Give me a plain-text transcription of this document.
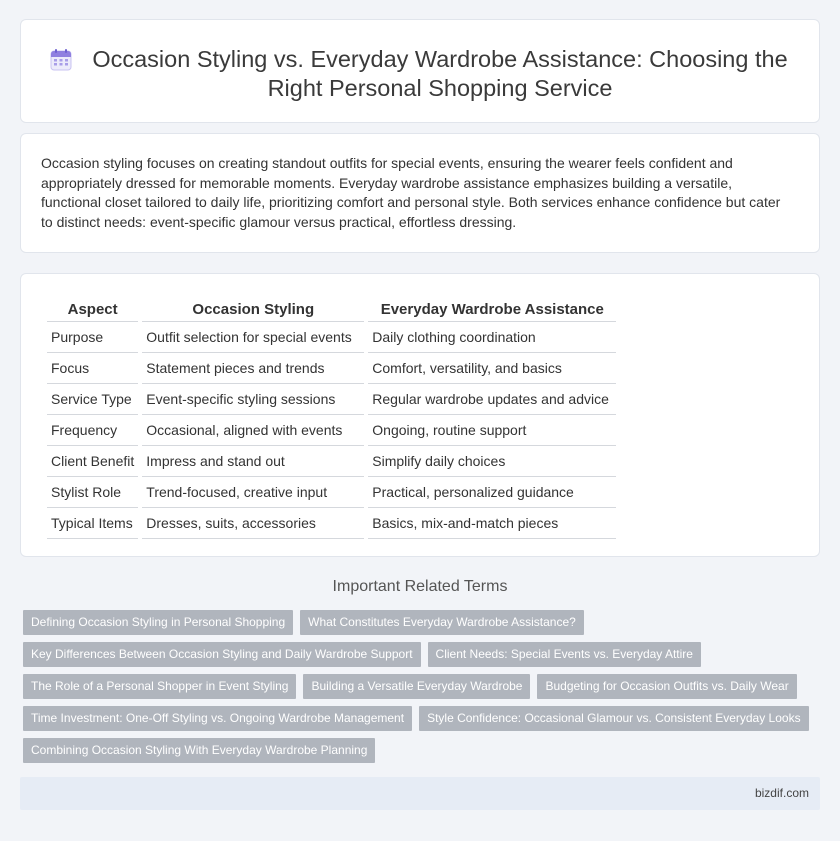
Occasion Styling vs. Everyday Wardrobe Assistance: Choosing the Right Personal Shopping Service

Occasion styling focuses on creating standout outfits for special events, ensuring the wearer feels confident and appropriately dressed for memorable moments. Everyday wardrobe assistance emphasizes building a versatile, functional closet tailored to daily life, prioritizing comfort and personal style. Both services enhance confidence but cater to distinct needs: event-specific glamour versus practical, effortless dressing.

Aspect	Occasion Styling	Everyday Wardrobe Assistance
Purpose	Outfit selection for special events	Daily clothing coordination
Focus	Statement pieces and trends	Comfort, versatility, and basics
Service Type	Event-specific styling sessions	Regular wardrobe updates and advice
Frequency	Occasional, aligned with events	Ongoing, routine support
Client Benefit	Impress and stand out	Simplify daily choices
Stylist Role	Trend-focused, creative input	Practical, personalized guidance
Typical Items	Dresses, suits, accessories	Basics, mix-and-match pieces
Important Related Terms
Defining Occasion Styling in Personal Shopping	What Constitutes Everyday Wardrobe Assistance?
Key Differences Between Occasion Styling and Daily Wardrobe Support	Client Needs: Special Events vs. Everyday Attire
The Role of a Personal Shopper in Event Styling	Building a Versatile Everyday Wardrobe	Budgeting for Occasion Outfits vs. Daily Wear
Time Investment: One-Off Styling vs. Ongoing Wardrobe Management	Style Confidence: Occasional Glamour vs. Consistent Everyday Looks
Combining Occasion Styling With Everyday Wardrobe Planning
bizdif.com
